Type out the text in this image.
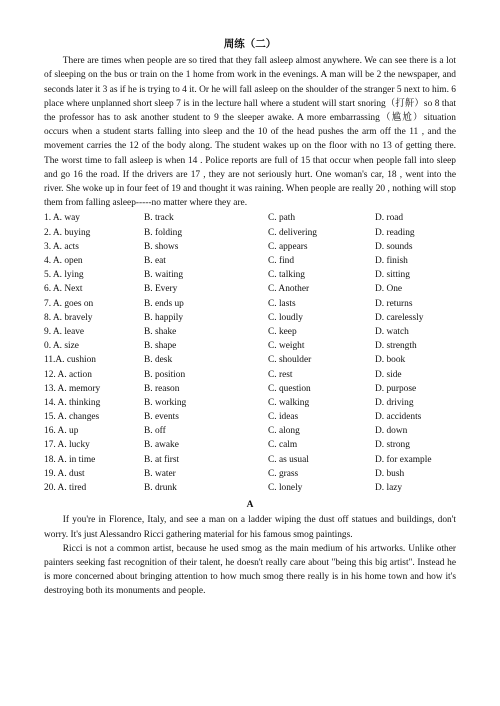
周练（二）

There are times when people are so tired that they fall asleep almost anywhere. We can see there is a lot of sleeping on the bus or train on the 1 home from work in the evenings. A man will be 2 the newspaper, and seconds later it 3 as if he is trying to 4 it. Or he will fall asleep on the shoulder of the stranger 5 next to him. 6 place where unplanned short sleep 7 is in the lecture hall where a student will start snoring（打鼾）so 8 that the professor has to ask another student to 9 the sleeper awake. A more embarrassing（尴尬）situation occurs when a student starts falling into sleep and the 10 of the head pushes the arm off the 11 , and the movement carries the 12 of the body along. The student wakes up on the floor with no 13 of getting there. The worst time to fall asleep is when 14 . Police reports are full of 15 that occur when people fall into sleep and go 16 the road. If the drivers are 17 , they are not seriously hurt. One woman's car, 18 , went into the river. She woke up in four feet of 19 and thought it was raining. When people are really 20 , nothing will stop them from falling asleep-----no matter where they are.

1. A. way	B. track	C. path	D. road
2. A. buying	B. folding	C. delivering	D. reading
3. A. acts	B. shows	C. appears	D. sounds
4. A. open	B. eat	C. find	D. finish
5. A. lying	B. waiting	C. talking	D. sitting
6. A. Next	B. Every	C. Another	D. One
7. A. goes on	B. ends up	C. lasts	D. returns
8. A. bravely	B. happily	C. loudly	D. carelessly
9. A. leave	B. shake	C. keep	D. watch
0. A. size	B. shape	C. weight	D. strength
11.A. cushion	B. desk	C. shoulder	D. book
12. A. action	B. position	C. rest	D. side
13. A. memory	B. reason	C. question	D. purpose
14. A. thinking	B. working	C. walking	D. driving
15. A. changes	B. events	C. ideas	D. accidents
16. A. up	B. off	C. along	D. down
17. A. lucky	B. awake	C. calm	D. strong
18. A. in time	B. at first	C. as usual	D. for example
19. A. dust	B. water	C. grass	D. bush
20. A. tired	B. drunk	C. lonely	D. lazy
A

If you're in Florence, Italy, and see a man on a ladder wiping the dust off statues and buildings, don't worry. It's just Alessandro Ricci gathering material for his famous smog paintings.

Ricci is not a common artist, because he used smog as the main medium of his artworks. Unlike other painters seeking fast recognition of their talent, he doesn't really care about "being this big artist". Instead he is more concerned about bringing attention to how much smog there really is in his home town and how it's destroying both its monuments and people.
